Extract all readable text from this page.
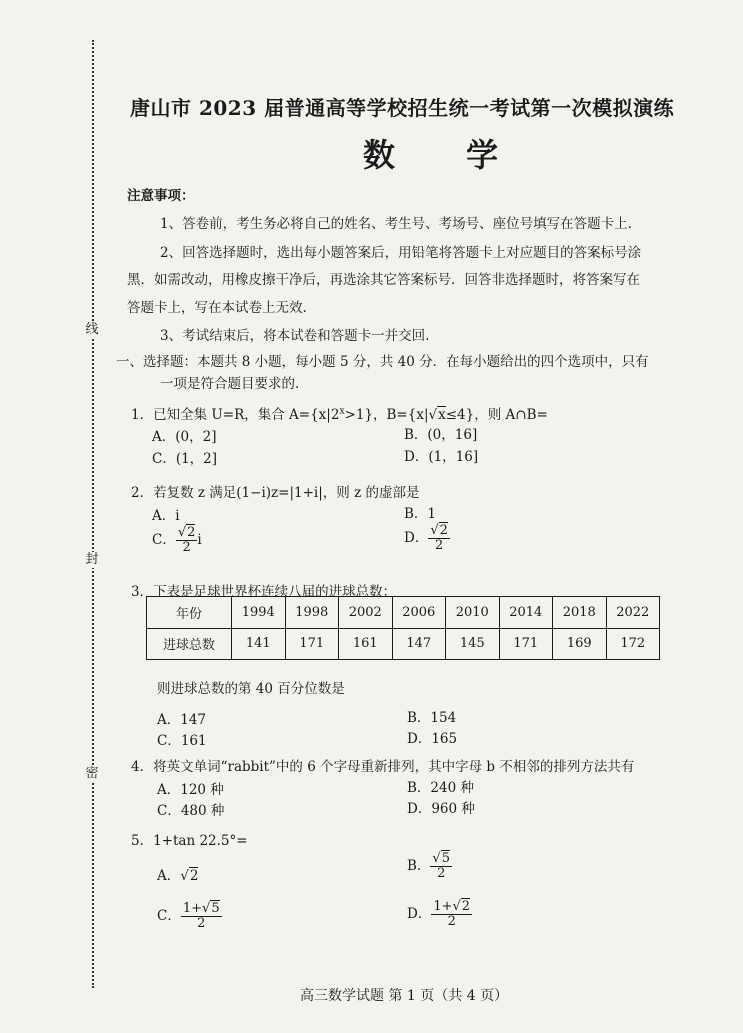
线
封
密
唐山市 2023 届普通高等学校招生统一考试第一次模拟演练
数 学
注意事项：
1、答卷前，考生务必将自己的姓名、考生号、考场号、座位号填写在答题卡上.
2、回答选择题时，选出每小题答案后，用铅笔将答题卡上对应题目的答案标号涂
黑．如需改动，用橡皮擦干净后，再选涂其它答案标号．回答非选择题时，将答案写在
答题卡上，写在本试卷上无效.
3、考试结束后，将本试卷和答题卡一并交回.
一、选择题：本题共 8 小题，每小题 5 分，共 40 分．在每小题给出的四个选项中，只有
一项是符合题目要求的.
1．已知全集 U=R，集合 $A=\{x|2^x>1\}$，B={x|√x≤4}，则 A∩B=
A．(0，2]	B．(0，16]
C．(1，2]	D．(1，16]
2．若复数 z 满足(1−i)z=|1+i|，则 z 的虚部是
A．i	B．1
C． $\frac{√2}{2}$ i	D． $\frac{√2}{2}$
3．下表是足球世界杯连续八届的进球总数：
年份	1994	1998	2002	2006	2010	2014	2018	2022
进球总数	141	171	161	147	145	171	169	172
则进球总数的第 40 百分位数是
A．147	B．154
C．161	D．165
4．将英文单词“rabbit”中的 6 个字母重新排列，其中字母 b 不相邻的排列方法共有
A．120 种	B．240 种
C．480 种	D．960 种
5．1+tan 22.5°=
A．√2
B． $\frac{√5}{2}$
C． $\frac{1+√5}{2}$	D． $\frac{1+√2}{2}$
高三数学试题 第 1 页（共 4 页）
